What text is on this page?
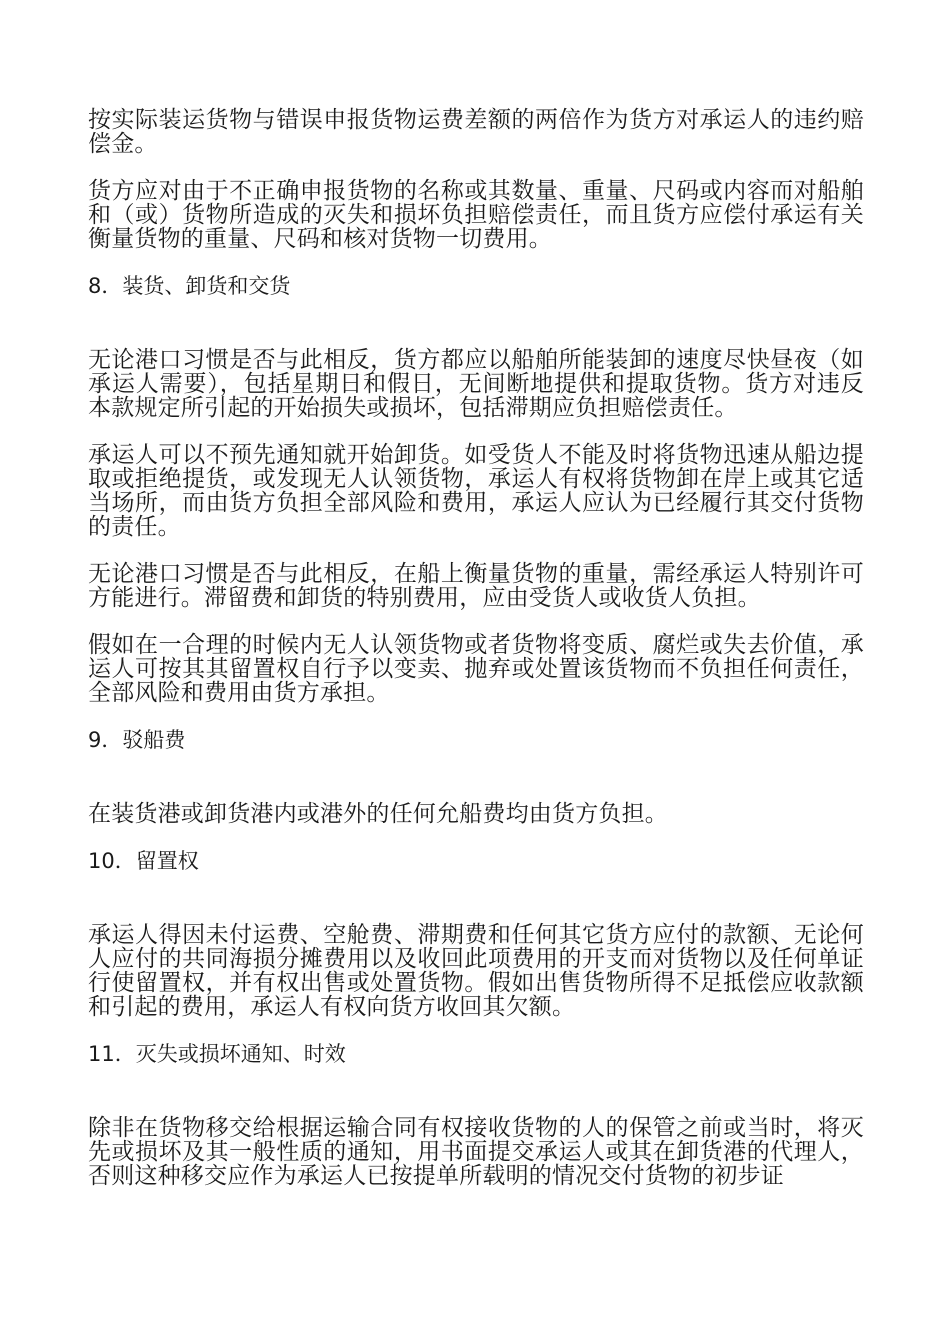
按实际装运货物与错误申报货物运费差额的两倍作为货方对承运人的违约赔偿金。

货方应对由于不正确申报货物的名称或其数量、重量、尺码或内容而对船舶和（或）货物所造成的灭失和损坏负担赔偿责任，而且货方应偿付承运有关衡量货物的重量、尺码和核对货物一切费用。

8．装货、卸货和交货

无论港口习惯是否与此相反，货方都应以船舶所能装卸的速度尽快昼夜（如承运人需要），包括星期日和假日，无间断地提供和提取货物。货方对违反本款规定所引起的开始损失或损坏，包括滞期应负担赔偿责任。

承运人可以不预先通知就开始卸货。如受货人不能及时将货物迅速从船边提取或拒绝提货，或发现无人认领货物，承运人有权将货物卸在岸上或其它适当场所，而由货方负担全部风险和费用，承运人应认为已经履行其交付货物的责任。

无论港口习惯是否与此相反，在船上衡量货物的重量，需经承运人特别许可方能进行。滞留费和卸货的特别费用，应由受货人或收货人负担。

假如在一合理的时候内无人认领货物或者货物将变质、腐烂或失去价值，承运人可按其其留置权自行予以变卖、抛弃或处置该货物而不负担任何责任，全部风险和费用由货方承担。

9．驳船费

在装货港或卸货港内或港外的任何允船费均由货方负担。

10．留置权

承运人得因未付运费、空舱费、滞期费和任何其它货方应付的款额、无论何人应付的共同海损分摊费用以及收回此项费用的开支而对货物以及任何单证行使留置权，并有权出售或处置货物。假如出售货物所得不足抵偿应收款额和引起的费用，承运人有权向货方收回其欠额。

11．灭失或损坏通知、时效

除非在货物移交给根据运输合同有权接收货物的人的保管之前或当时，将灭先或损坏及其一般性质的通知，用书面提交承运人或其在卸货港的代理人，否则这种移交应作为承运人已按提单所载明的情况交付货物的初步证
